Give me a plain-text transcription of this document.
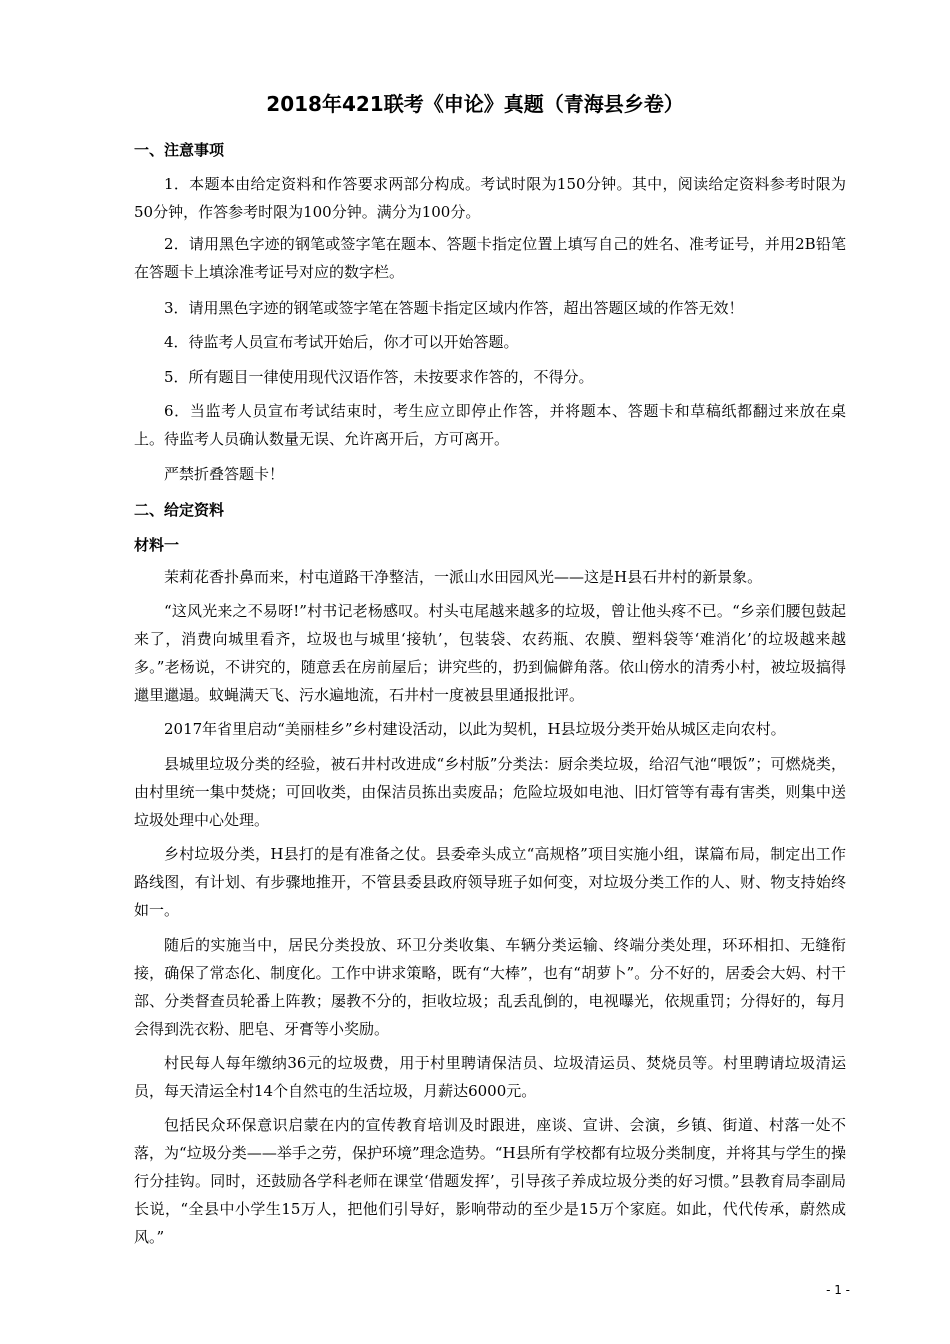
2018年421联考《申论》真题（青海县乡卷）
一、注意事项
1．本题本由给定资料和作答要求两部分构成。考试时限为150分钟。其中，阅读给定资料参考时限为50分钟，作答参考时限为100分钟。满分为100分。
2．请用黑色字迹的钢笔或签字笔在题本、答题卡指定位置上填写自己的姓名、准考证号，并用2B铅笔在答题卡上填涂准考证号对应的数字栏。
3．请用黑色字迹的钢笔或签字笔在答题卡指定区域内作答，超出答题区域的作答无效！
4．待监考人员宣布考试开始后，你才可以开始答题。
5．所有题目一律使用现代汉语作答，未按要求作答的，不得分。
6．当监考人员宣布考试结束时，考生应立即停止作答，并将题本、答题卡和草稿纸都翻过来放在桌上。待监考人员确认数量无误、允许离开后，方可离开。
严禁折叠答题卡！
二、给定资料
材料一
茉莉花香扑鼻而来，村屯道路干净整洁，一派山水田园风光——这是H县石井村的新景象。
“这风光来之不易呀!”村书记老杨感叹。村头屯尾越来越多的垃圾，曾让他头疼不已。“乡亲们腰包鼓起来了，消费向城里看齐，垃圾也与城里‘接轨’，包装袋、农药瓶、农膜、塑料袋等‘难消化’的垃圾越来越多。”老杨说，不讲究的，随意丢在房前屋后；讲究些的，扔到偏僻角落。依山傍水的清秀小村，被垃圾搞得邋里邋遢。蚊蝇满天飞、污水遍地流，石井村一度被县里通报批评。
2017年省里启动“美丽桂乡”乡村建设活动，以此为契机，H县垃圾分类开始从城区走向农村。
县城里垃圾分类的经验，被石井村改进成“乡村版”分类法：厨余类垃圾，给沼气池“喂饭”；可燃烧类，由村里统一集中焚烧；可回收类，由保洁员拣出卖废品；危险垃圾如电池、旧灯管等有毒有害类，则集中送垃圾处理中心处理。
乡村垃圾分类，H县打的是有准备之仗。县委牵头成立“高规格”项目实施小组，谋篇布局，制定出工作路线图，有计划、有步骤地推开，不管县委县政府领导班子如何变，对垃圾分类工作的人、财、物支持始终如一。
随后的实施当中，居民分类投放、环卫分类收集、车辆分类运输、终端分类处理，环环相扣、无缝衔接，确保了常态化、制度化。工作中讲求策略，既有“大棒”，也有“胡萝卜”。分不好的，居委会大妈、村干部、分类督查员轮番上阵教；屡教不分的，拒收垃圾；乱丢乱倒的，电视曝光，依规重罚；分得好的，每月会得到洗衣粉、肥皂、牙膏等小奖励。
村民每人每年缴纳36元的垃圾费，用于村里聘请保洁员、垃圾清运员、焚烧员等。村里聘请垃圾清运员，每天清运全村14个自然屯的生活垃圾，月薪达6000元。
包括民众环保意识启蒙在内的宣传教育培训及时跟进，座谈、宣讲、会演，乡镇、街道、村落一处不落，为“垃圾分类——举手之劳，保护环境”理念造势。“H县所有学校都有垃圾分类制度，并将其与学生的操行分挂钩。同时，还鼓励各学科老师在课堂‘借题发挥’，引导孩子养成垃圾分类的好习惯。”县教育局李副局长说，“全县中小学生15万人，把他们引导好，影响带动的至少是15万个家庭。如此，代代传承，蔚然成风。”
- 1 -
